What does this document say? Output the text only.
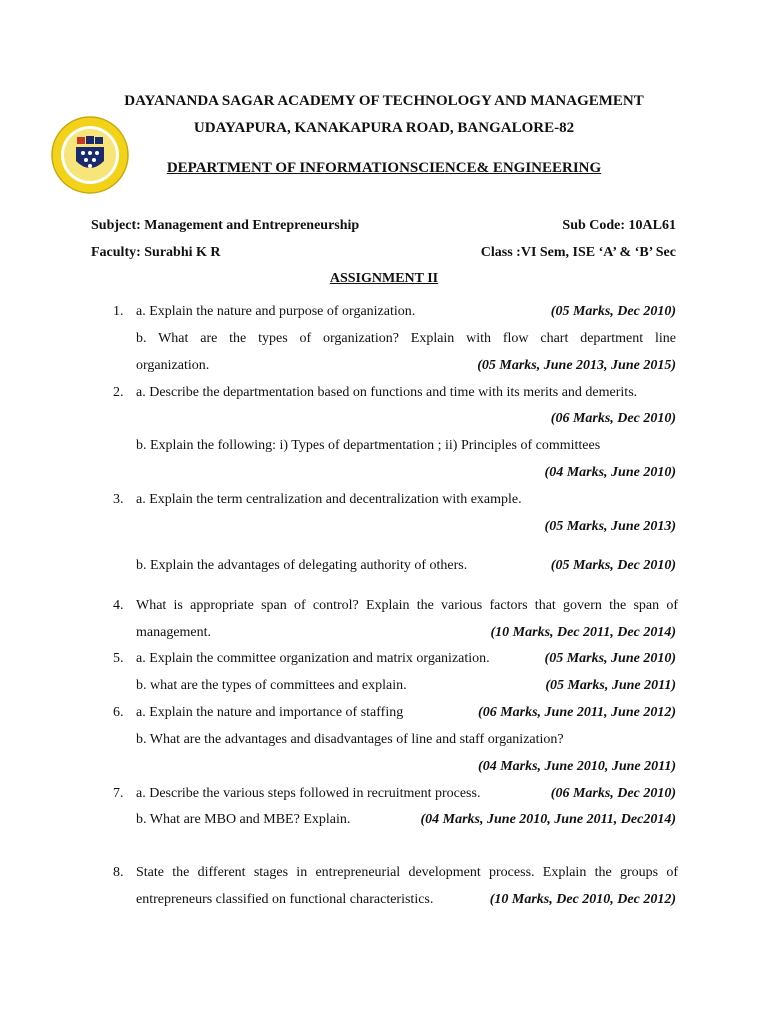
DAYANANDA SAGAR ACADEMY OF TECHNOLOGY AND MANAGEMENT
UDAYAPURA, KANAKAPURA ROAD, BANGALORE-82
DEPARTMENT OF INFORMATIONSCIENCE& ENGINEERING
Subject: Management and Entrepreneurship	Sub Code: 10AL61
Faculty: Surabhi K R	Class :VI Sem, ISE ‘A’ & ‘B’ Sec
ASSIGNMENT II
1. a. Explain the nature and purpose of organization.	(05 Marks, Dec 2010)
b. What are the types of organization? Explain with flow chart department line
organization.	(05 Marks, June 2013, June 2015)
2. a. Describe the departmentation based on functions and time with its merits and demerits.
(06 Marks, Dec 2010)
b. Explain the following: i) Types of departmentation ; ii) Principles of committees
(04 Marks, June 2010)
3. a. Explain the term centralization and decentralization with example.
(05 Marks, June 2013)
b. Explain the advantages of delegating authority of others.	(05 Marks, Dec 2010)
4. What is appropriate span of control? Explain the various factors that govern the span of
management.	(10 Marks, Dec 2011, Dec 2014)
5. a. Explain the committee organization and matrix organization.	(05 Marks, June 2010)
b. what are the types of committees and explain.	(05 Marks, June 2011)
6. a. Explain the nature and importance of staffing	(06 Marks, June 2011, June 2012)
b. What are the advantages and disadvantages of line and staff organization?
(04 Marks, June 2010, June 2011)
7. a. Describe the various steps followed in recruitment process.	(06 Marks, Dec 2010)
b. What are MBO and MBE? Explain.	(04 Marks, June 2010, June 2011, Dec2014)
8. State the different stages in entrepreneurial development process. Explain the groups of
entrepreneurs classified on functional characteristics.	(10 Marks, Dec 2010, Dec 2012)
